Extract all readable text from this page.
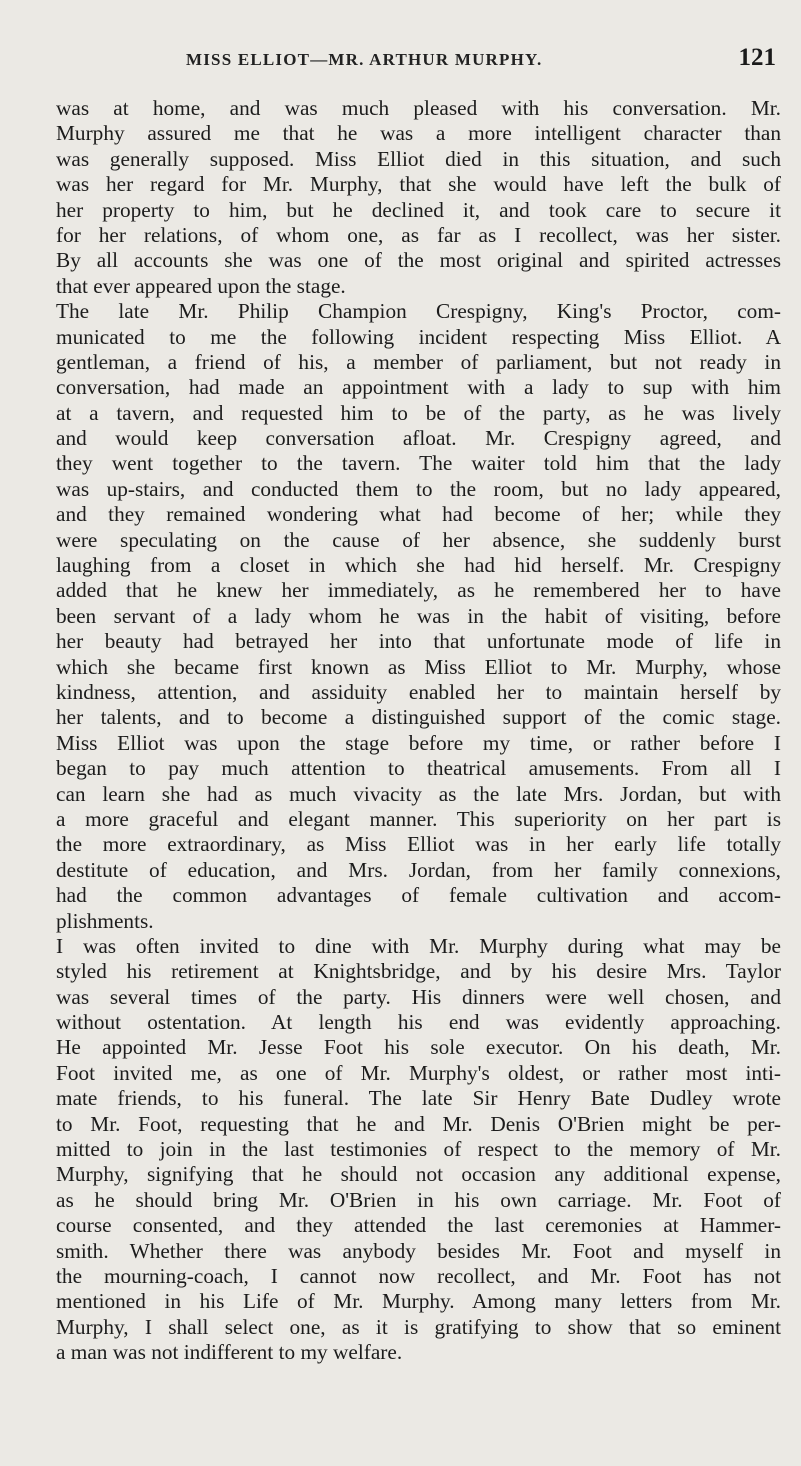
MISS ELLIOT—MR. ARTHUR MURPHY.	121
was at home, and was much pleased with his conversation. Mr.
Murphy assured me that he was a more intelligent character than
was generally supposed. Miss Elliot died in this situation, and such
was her regard for Mr. Murphy, that she would have left the bulk of
her property to him, but he declined it, and took care to secure it
for her relations, of whom one, as far as I recollect, was her sister.
By all accounts she was one of the most original and spirited actresses
that ever appeared upon the stage.
The late Mr. Philip Champion Crespigny, King's Proctor, com-
municated to me the following incident respecting Miss Elliot. A
gentleman, a friend of his, a member of parliament, but not ready in
conversation, had made an appointment with a lady to sup with him
at a tavern, and requested him to be of the party, as he was lively
and would keep conversation afloat. Mr. Crespigny agreed, and
they went together to the tavern. The waiter told him that the lady
was up-stairs, and conducted them to the room, but no lady appeared,
and they remained wondering what had become of her; while they
were speculating on the cause of her absence, she suddenly burst
laughing from a closet in which she had hid herself. Mr. Crespigny
added that he knew her immediately, as he remembered her to have
been servant of a lady whom he was in the habit of visiting, before
her beauty had betrayed her into that unfortunate mode of life in
which she became first known as Miss Elliot to Mr. Murphy, whose
kindness, attention, and assiduity enabled her to maintain herself by
her talents, and to become a distinguished support of the comic stage.
Miss Elliot was upon the stage before my time, or rather before I
began to pay much attention to theatrical amusements. From all I
can learn she had as much vivacity as the late Mrs. Jordan, but with
a more graceful and elegant manner. This superiority on her part is
the more extraordinary, as Miss Elliot was in her early life totally
destitute of education, and Mrs. Jordan, from her family connexions,
had the common advantages of female cultivation and accom-
plishments.
I was often invited to dine with Mr. Murphy during what may be
styled his retirement at Knightsbridge, and by his desire Mrs. Taylor
was several times of the party. His dinners were well chosen, and
without ostentation. At length his end was evidently approaching.
He appointed Mr. Jesse Foot his sole executor. On his death, Mr.
Foot invited me, as one of Mr. Murphy's oldest, or rather most inti-
mate friends, to his funeral. The late Sir Henry Bate Dudley wrote
to Mr. Foot, requesting that he and Mr. Denis O'Brien might be per-
mitted to join in the last testimonies of respect to the memory of Mr.
Murphy, signifying that he should not occasion any additional expense,
as he should bring Mr. O'Brien in his own carriage. Mr. Foot of
course consented, and they attended the last ceremonies at Hammer-
smith. Whether there was anybody besides Mr. Foot and myself in
the mourning-coach, I cannot now recollect, and Mr. Foot has not
mentioned in his Life of Mr. Murphy. Among many letters from Mr.
Murphy, I shall select one, as it is gratifying to show that so eminent
a man was not indifferent to my welfare.
